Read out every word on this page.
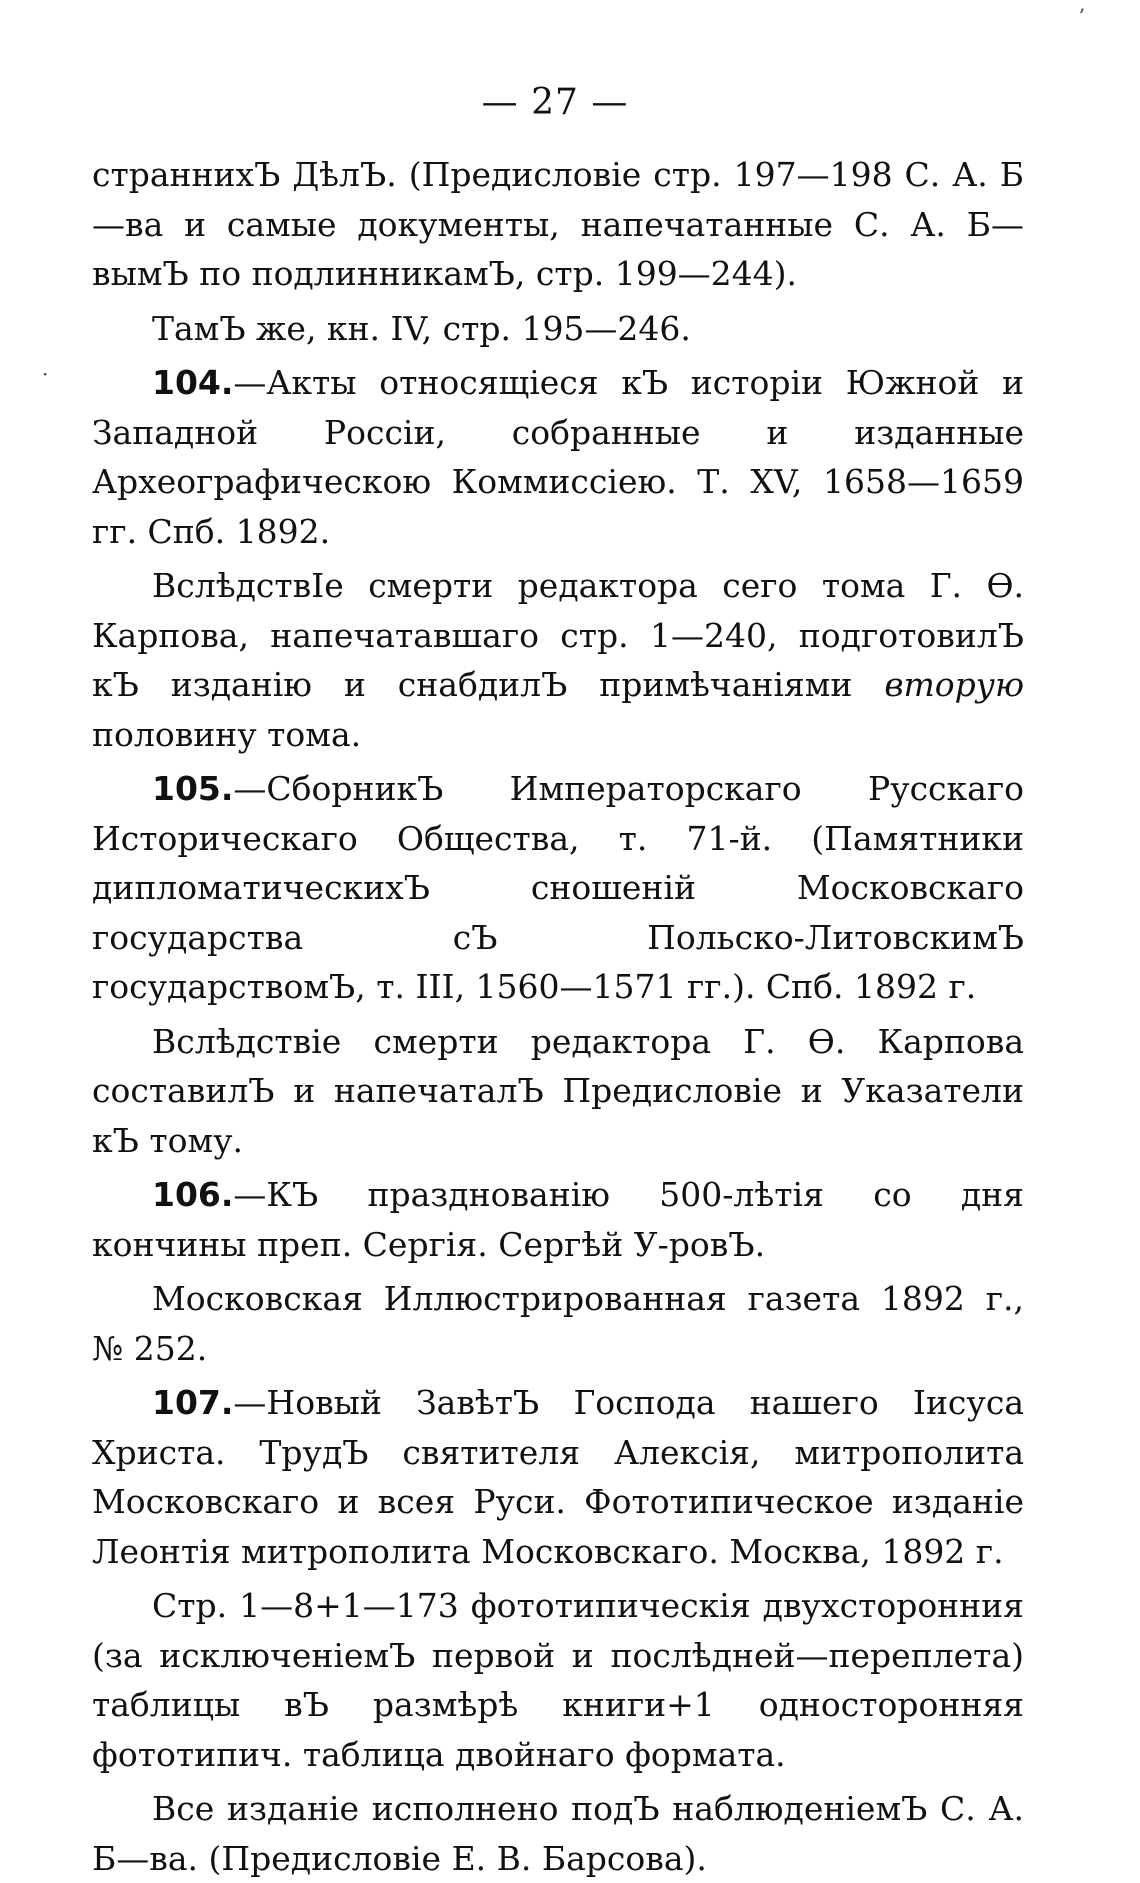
— 27 —
ʼ
·

страннихЪ ДѣлЪ. (Предисловіе стр. 197—198 С. А. Б—ва и самые документы, напечатанные С. А. Б—вымЪ по подлинникамЪ, стр. 199—244).

ТамЪ же, кн. IV, стр. 195—246.

104.—Акты относящіеся кЪ исторіи Южной и Западной Россіи, собранные и изданные Археографическою Коммиссіею. Т. XV, 1658—1659 гг. Спб. 1892.

ВслѣдствІе смерти редактора сего тома Г. Ѳ. Карпова, напечатавшаго стр. 1—240, подготовилЪ кЪ изданію и снабдилЪ примѣчаніями вторую половину тома.

105.—СборникЪ Императорскаго Русскаго Историческаго Общества, т. 71-й. (Памятники дипломатическихЪ сношеній Московскаго государства сЪ Польско-ЛитовскимЪ государствомЪ, т. III, 1560—1571 гг.). Спб. 1892 г.

Вслѣдствіе смерти редактора Г. Ѳ. Карпова составилЪ и напечаталЪ Предисловіе и Указатели кЪ тому.

106.—КЪ празднованію 500-лѣтія со дня кончины преп. Сергія. Сергѣй У-ровЪ.

Московская Иллюстрированная газета 1892 г., № 252.

107.—Новый ЗавѣтЪ Господа нашего Іисуса Христа. ТрудЪ святителя Алексія, митрополита Московскаго и всея Руси. Фототипическое изданіе Леонтія митрополита Московскаго. Москва, 1892 г.

Стр. 1—8+1—173 фототипическія двухсторонния (за исключеніемЪ первой и послѣдней—переплета) таблицы вЪ размѣрѣ книги+1 односторонняя фототипич. таблица двойнаго формата.

Все изданіе исполнено подЪ наблюденіемЪ С. А. Б—ва. (Предисловіе Е. В. Барсова).
